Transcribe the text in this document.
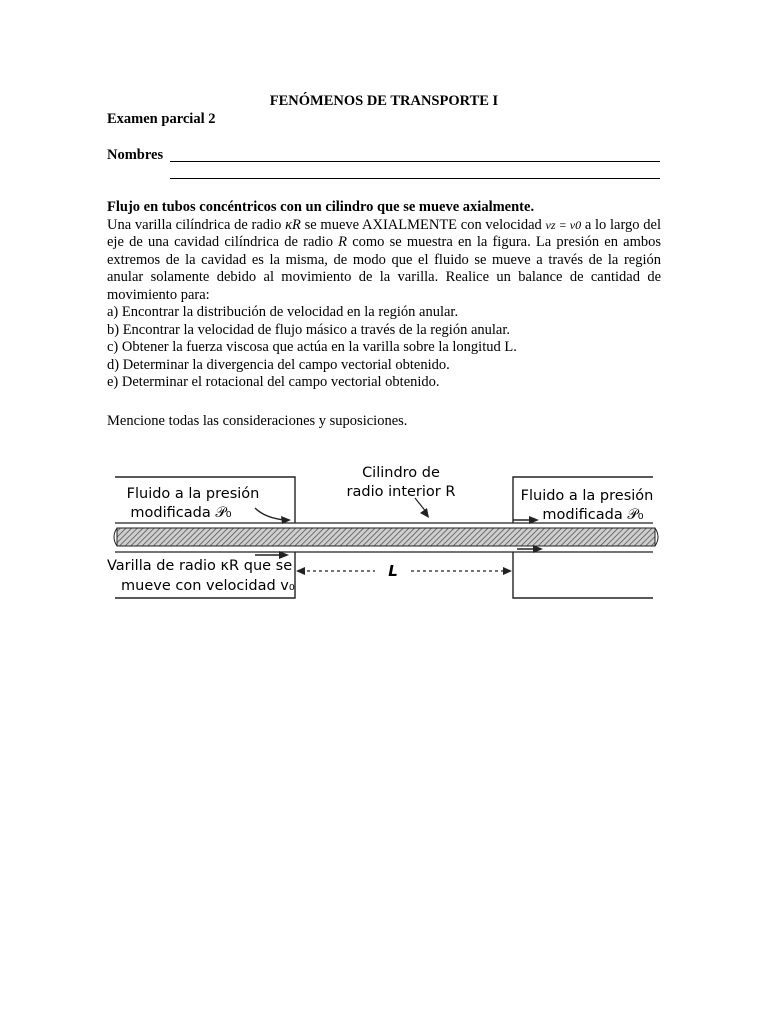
FENÓMENOS DE TRANSPORTE I
Examen parcial 2
Nombres
Flujo en tubos concéntricos con un cilindro que se mueve axialmente.

Una varilla cilíndrica de radio κR se mueve AXIALMENTE con velocidad vz = v0 a lo largo del eje de una cavidad cilíndrica de radio R como se muestra en la figura. La presión en ambos extremos de la cavidad es la misma, de modo que el fluido se mueve a través de la región anular solamente debido al movimiento de la varilla. Realice un balance de cantidad de movimiento para:

a) Encontrar la distribución de velocidad en la región anular.
b) Encontrar la velocidad de flujo másico a través de la región anular.
c) Obtener la fuerza viscosa que actúa en la varilla sobre la longitud L.
d) Determinar la divergencia del campo vectorial obtenido.
e) Determinar el rotacional del campo vectorial obtenido.
Mencione todas las consideraciones y suposiciones.
Cilindro de
radio interior R
Fluido a la presión
modificada 𝒫₀
Fluido a la presión
modificada 𝒫₀
Varilla de radio κR que se
mueve con velocidad v₀
L
